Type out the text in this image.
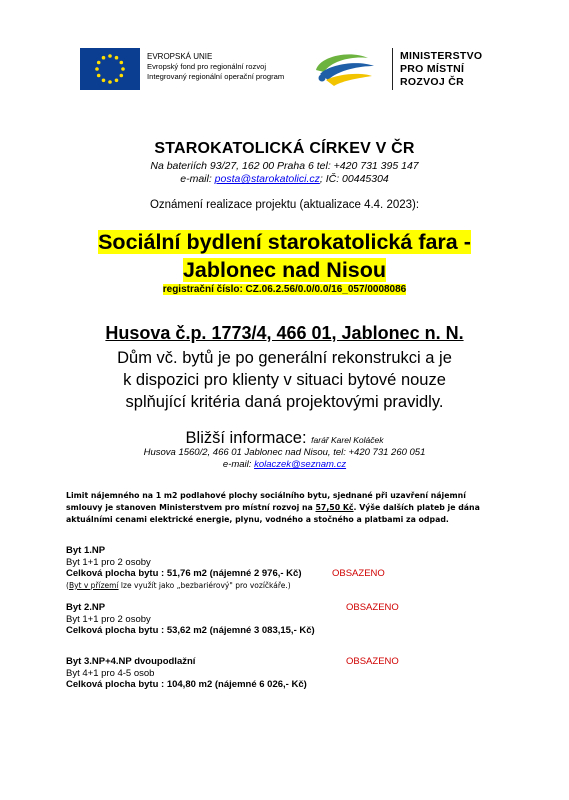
EVROPSKÁ UNIE
Evropský fond pro regionální rozvoj
Integrovaný regionální operační program
MINISTERSTVO
PRO MÍSTNÍ
ROZVOJ ČR
STAROKATOLICKÁ CÍRKEV V ČR
Na bateriích 93/27, 162 00 Praha 6 tel: +420 731 395 147
e-mail: posta@starokatolici.cz; IČ: 00445304
Oznámení realizace projektu (aktualizace 4.4. 2023):
Sociální bydlení starokatolická fara -
Jablonec nad Nisou
registrační číslo: CZ.06.2.56/0.0/0.0/16_057/0008086
Husova č.p. 1773/4, 466 01, Jablonec n. N.
Dům vč. bytů je po generální rekonstrukci a je
k dispozici pro klienty v situaci bytové nouze
splňující kritéria daná projektovými pravidly.
Bližší informace: farář Karel Koláček
Husova 1560/2, 466 01 Jablonec nad Nisou, tel: +420 731 260 051
e-mail: kolaczek@seznam.cz
Limit nájemného na 1 m2 podlahové plochy sociálního bytu, sjednané při uzavření nájemní
smlouvy je stanoven Ministerstvem pro místní rozvoj na 57,50 Kč. Výše dalších plateb je dána
aktuálními cenami elektrické energie, plynu, vodného a stočného a platbami za odpad.
Byt 1.NP
Byt 1+1 pro 2 osoby
Celková plocha bytu : 51,76 m2 (nájemné 2 976,- Kč)	OBSAZENO
(Byt v přízemí lze využít jako „bezbariérový" pro vozíčkáře.)
Byt 2.NP	OBSAZENO
Byt 1+1 pro 2 osoby
Celková plocha bytu : 53,62 m2 (nájemné 3 083,15,- Kč)
Byt 3.NP+4.NP dvoupodlažní	OBSAZENO
Byt 4+1 pro 4-5 osob
Celková plocha bytu : 104,80 m2 (nájemné 6 026,- Kč)
